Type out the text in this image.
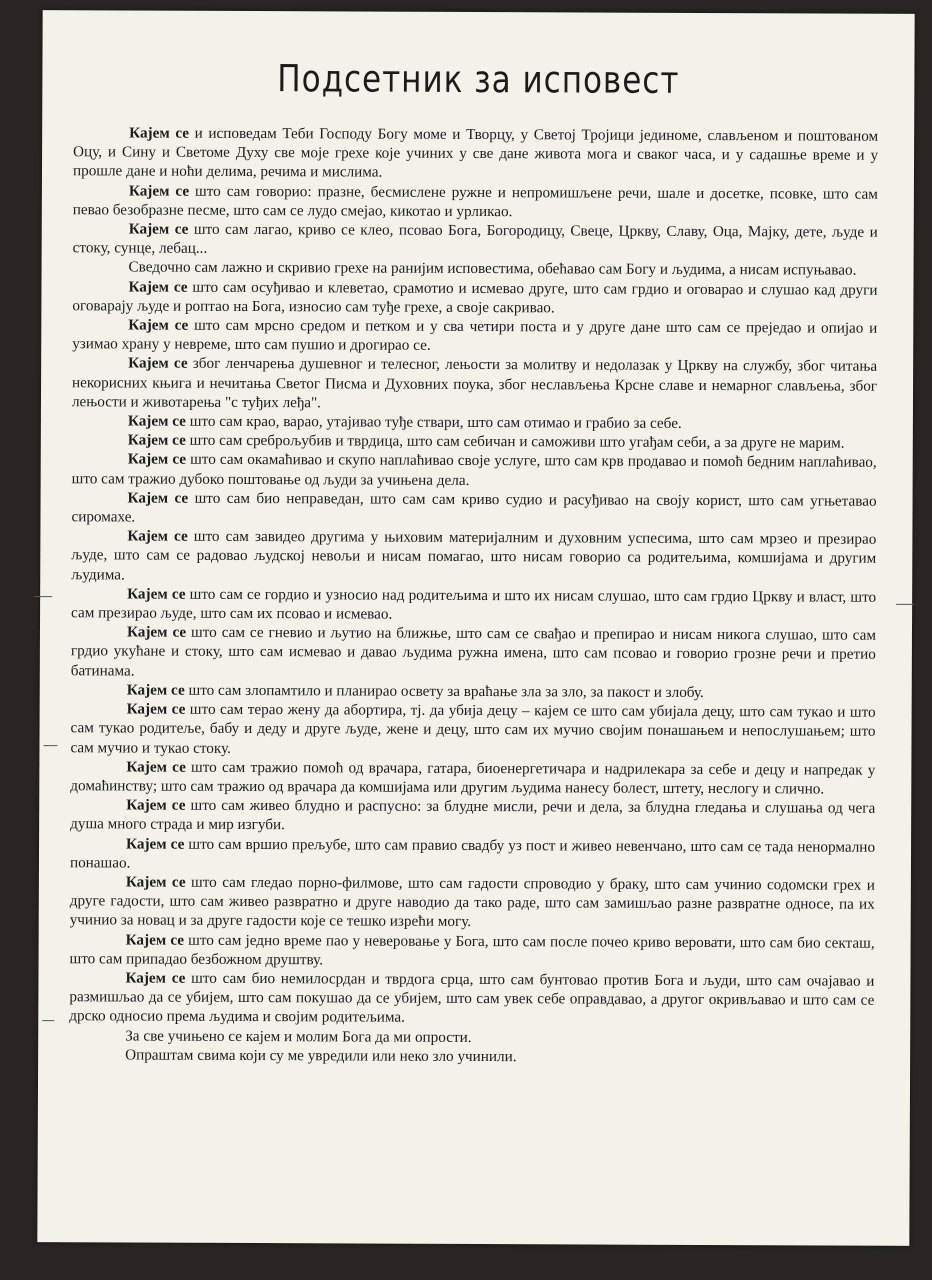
Подсетник за исповест

Кајем се и исповедам Теби Господу Богу моме и Творцу, у Светој Тројици јединоме, слављеном и поштованом Оцу, и Сину и Светоме Духу све моје грехе које учиних у све дане живота мога и сваког часа, и у садашње време и у прошле дане и ноћи делима, речима и мислима.

Кајем се што сам говорио: празне, бесмислене ружне и непромишљене речи, шале и досетке, псовке, што сам певао безобразне песме, што сам се лудо смејао, кикотао и урликао.

Кајем се што сам лагао, криво се клео, псовао Бога, Богородицу, Свеце, Цркву, Славу, Оца, Мајку, дете, људе и стоку, сунце, лебац...

Сведочно сам лажно и скривио грехе на ранијим исповестима, обећавао сам Богу и људима, а нисам испуњавао.

Кајем се што сам осуђивао и клеветао, срамотио и исмевао друге, што сам грдио и оговарао и слушао кад други оговарају људе и роптао на Бога, износио сам туђе грехе, а своје сакривао.

Кајем се што сам мрсно средом и петком и у сва четири поста и у друге дане што сам се преједао и опијао и узимао храну у невреме, што сам пушио и дрогирао се.

Кајем се због ленчарења душевног и телесног, лењости за молитву и недолазак у Цркву на службу, због читања некорисних књига и нечитања Светог Писма и Духовних поука, због неслављења Крсне славе и немарног слављења, због лењости и животарења "с туђих леђа".

Кајем се што сам крао, варао, утајивао туђе ствари, што сам отимао и грабио за себе.

Кајем се што сам среброљубив и тврдица, што сам себичан и саможиви што угађам себи, а за друге не марим.

Кајем се што сам окамаћивао и скупо наплаћивао своје услуге, што сам крв продавао и помоћ бедним наплаћивао, што сам тражио дубоко поштовање од људи за учињена дела.

Кајем се што сам био неправедан, што сам сам криво судио и расуђивао на своју корист, што сам угњетавао сиромахе.

Кајем се што сам завидео другима у њиховим материјалним и духовним успесима, што сам мрзео и презирао људе, што сам се радовао људској невољи и нисам помагао, што нисам говорио са родитељима, комшијама и другим људима.

Кајем се што сам се гордио и узносио над родитељима и што их нисам слушао, што сам грдио Цркву и власт, што сам презирао људе, што сам их псовао и исмевао.

Кајем се што сам се гневио и љутио на ближње, што сам се свађао и препирао и нисам никога слушао, што сам грдио укућане и стоку, што сам исмевао и давао људима ружна имена, што сам псовао и говорио грозне речи и претио батинама.

Кајем се што сам злопамтило и планирао освету за враћање зла за зло, за пакост и злобу.

Кајем се што сам терао жену да абортира, тј. да убија децу – кајем се што сам убијала децу, што сам тукао и што сам тукао родитеље, бабу и деду и друге људе, жене и децу, што сам их мучио својим понашањем и непослушањем; што сам мучио и тукао стоку.

Кајем се што сам тражио помоћ од врачара, гатара, биоенергетичара и надрилекара за себе и децу и напредак у домаћинству; што сам тражио од врачара да комшијама или другим људима нанесу болест, штету, неслогу и слично.

Кајем се што сам живео блудно и распусно: за блудне мисли, речи и дела, за блудна гледања и слушања од чега душа много страда и мир изгуби.

Кајем се што сам вршио прељубе, што сам правио свадбу уз пост и живео невенчано, што сам се тада ненормално понашао.

Кајем се што сам гледао порно-филмове, што сам гадости спроводио у браку, што сам учинио содомски грех и друге гадости, што сам живео развратно и друге наводио да тако раде, што сам замишљао разне развратне односе, па их учинио за новац и за друге гадости које се тешко изрећи могу.

Кајем се што сам једно време пао у неверовање у Бога, што сам после почео криво веровати, што сам био секташ, што сам припадао безбожном друштву.

Кајем се што сам био немилосрдан и тврдога срца, што сам бунтовао против Бога и људи, што сам очајавао и размишљао да се убијем, што сам покушао да се убијем, што сам увек себе оправдавао, а другог окривљавао и што сам се дрско односио према људима и својим родитељима.

За све учињено се кајем и молим Бога да ми опрости.

Опраштам свима који су ме увредили или неко зло учинили.
